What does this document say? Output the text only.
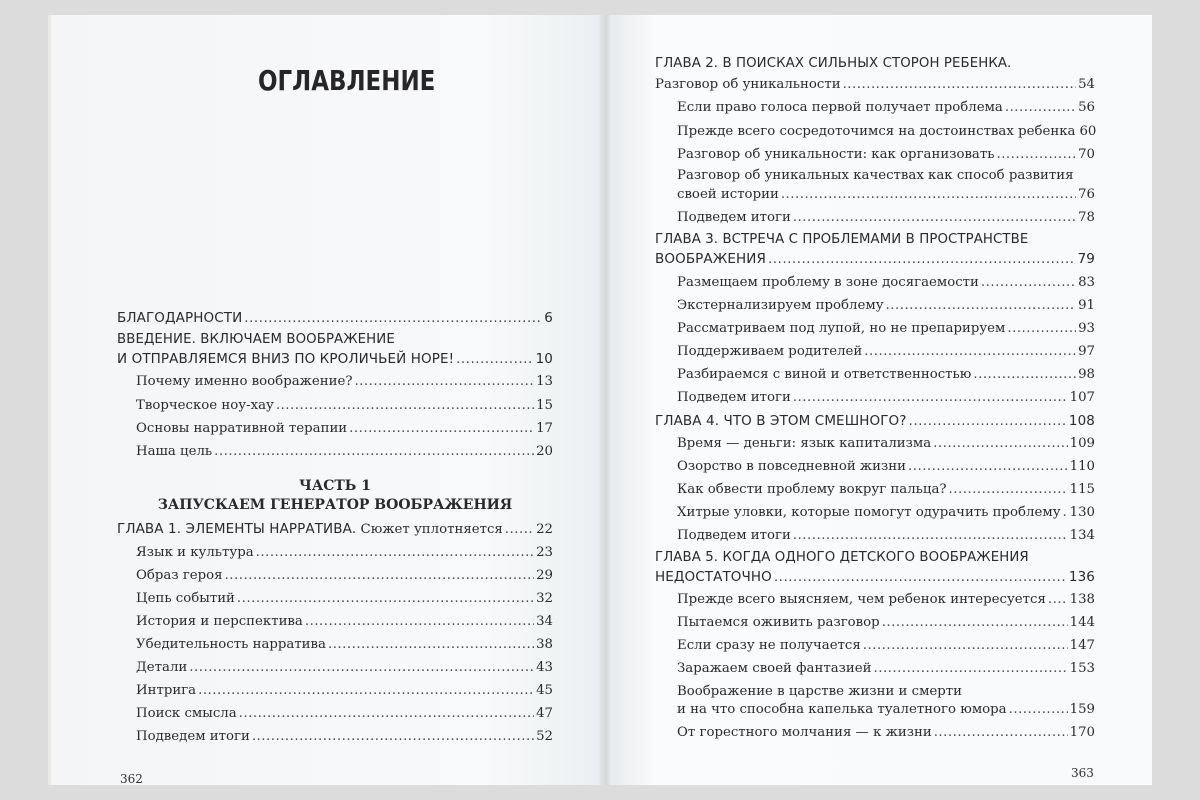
ОГЛАВЛЕНИЕ
БЛАГОДАРНОСТИ .....	6
ВВЕДЕНИЕ. ВКЛЮЧАЕМ ВООБРАЖЕНИЕ
И ОТПРАВЛЯЕМСЯ ВНИЗ ПО КРОЛИЧЬЕЙ НОРЕ! .....	10
Почему именно воображение? .....	13
Творческое ноу-хау .....	15
Основы нарративной терапии .....	17
Наша цель .....	20
ЧАСТЬ 1
ЗАПУСКАЕМ ГЕНЕРАТОР ВООБРАЖЕНИЯ
ГЛАВА 1. ЭЛЕМЕНТЫ НАРРАТИВА. Сюжет уплотняется .....	22
Язык и культура .....	23
Образ героя .....	29
Цепь событий .....	32
История и перспектива .....	34
Убедительность нарратива .....	38
Детали .....	43
Интрига .....	45
Поиск смысла .....	47
Подведем итоги .....	52
362
ГЛАВА 2. В ПОИСКАХ СИЛЬНЫХ СТОРОН РЕБЕНКА.
Разговор об уникальности .....	54
Если право голоса первой получает проблема .....	56
Прежде всего сосредоточимся на достоинствах ребенка 60
Разговор об уникальности: как организовать .....	70
Разговор об уникальных качествах как способ развития
своей истории .....	76
Подведем итоги .....	78
ГЛАВА 3. ВСТРЕЧА С ПРОБЛЕМАМИ В ПРОСТРАНСТВЕ
ВООБРАЖЕНИЯ .....	79
Размещаем проблему в зоне досягаемости .....	83
Экстернализируем проблему .....	91
Рассматриваем под лупой, но не препарируем .....	93
Поддерживаем родителей .....	97
Разбираемся с виной и ответственностью .....	98
Подведем итоги .....	107
ГЛАВА 4. ЧТО В ЭТОМ СМЕШНОГО? .....	108
Время — деньги: язык капитализма .....	109
Озорство в повседневной жизни .....	110
Как обвести проблему вокруг пальца? .....	115
Хитрые уловки, которые помогут одурачить проблему ..... 130
Подведем итоги .....	134
ГЛАВА 5. КОГДА ОДНОГО ДЕТСКОГО ВООБРАЖЕНИЯ
НЕДОСТАТОЧНО .....	136
Прежде всего выясняем, чем ребенок интересуется ..... 138
Пытаемся оживить разговор .....	144
Если сразу не получается .....	147
Заражаем своей фантазией .....	153
Воображение в царстве жизни и смерти
и на что способна капелька туалетного юмора .....	159
От горестного молчания — к жизни .....	170
363
